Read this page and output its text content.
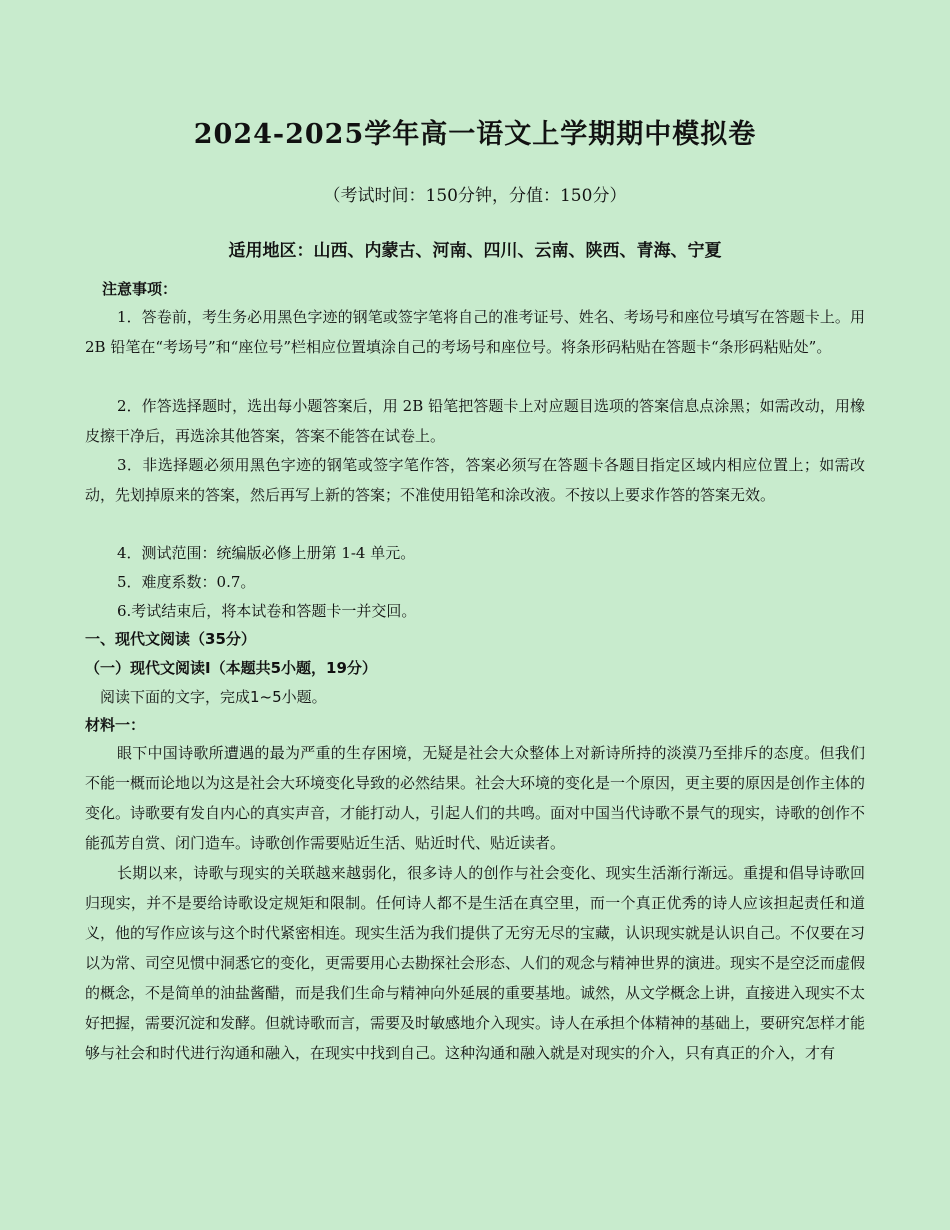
2024-2025学年高一语文上学期期中模拟卷
（考试时间：150分钟，分值：150分）
适用地区：山西、内蒙古、河南、四川、云南、陕西、青海、宁夏
注意事项：
1．答卷前，考生务必用黑色字迹的钢笔或签字笔将自己的准考证号、姓名、考场号和座位号填写在答题卡上。用 2B 铅笔在“考场号”和“座位号”栏相应位置填涂自己的考场号和座位号。将条形码粘贴在答题卡“条形码粘贴处”。
2．作答选择题时，选出每小题答案后，用 2B 铅笔把答题卡上对应题目选项的答案信息点涂黑；如需改动，用橡皮擦干净后，再选涂其他答案，答案不能答在试卷上。
3．非选择题必须用黑色字迹的钢笔或签字笔作答，答案必须写在答题卡各题目指定区域内相应位置上；如需改动，先划掉原来的答案，然后再写上新的答案；不准使用铅笔和涂改液。不按以上要求作答的答案无效。
4．测试范围：统编版必修上册第 1-4 单元。
5．难度系数：0.7。
6.考试结束后，将本试卷和答题卡一并交回。
一、现代文阅读（35分）
（一）现代文阅读Ⅰ（本题共5小题，19分）
阅读下面的文字，完成1~5小题。
材料一：
眼下中国诗歌所遭遇的最为严重的生存困境，无疑是社会大众整体上对新诗所持的淡漠乃至排斥的态度。但我们不能一概而论地以为这是社会大环境变化导致的必然结果。社会大环境的变化是一个原因，更主要的原因是创作主体的变化。诗歌要有发自内心的真实声音，才能打动人，引起人们的共鸣。面对中国当代诗歌不景气的现实，诗歌的创作不能孤芳自赏、闭门造车。诗歌创作需要贴近生活、贴近时代、贴近读者。
长期以来，诗歌与现实的关联越来越弱化，很多诗人的创作与社会变化、现实生活渐行渐远。重提和倡导诗歌回归现实，并不是要给诗歌设定规矩和限制。任何诗人都不是生活在真空里，而一个真正优秀的诗人应该担起责任和道义，他的写作应该与这个时代紧密相连。现实生活为我们提供了无穷无尽的宝藏，认识现实就是认识自己。不仅要在习以为常、司空见惯中洞悉它的变化，更需要用心去勘探社会形态、人们的观念与精神世界的演进。现实不是空泛而虚假的概念，不是简单的油盐酱醋，而是我们生命与精神向外延展的重要基地。诚然，从文学概念上讲，直接进入现实不太好把握，需要沉淀和发酵。但就诗歌而言，需要及时敏感地介入现实。诗人在承担个体精神的基础上，要研究怎样才能够与社会和时代进行沟通和融入，在现实中找到自己。这种沟通和融入就是对现实的介入，只有真正的介入，才有
